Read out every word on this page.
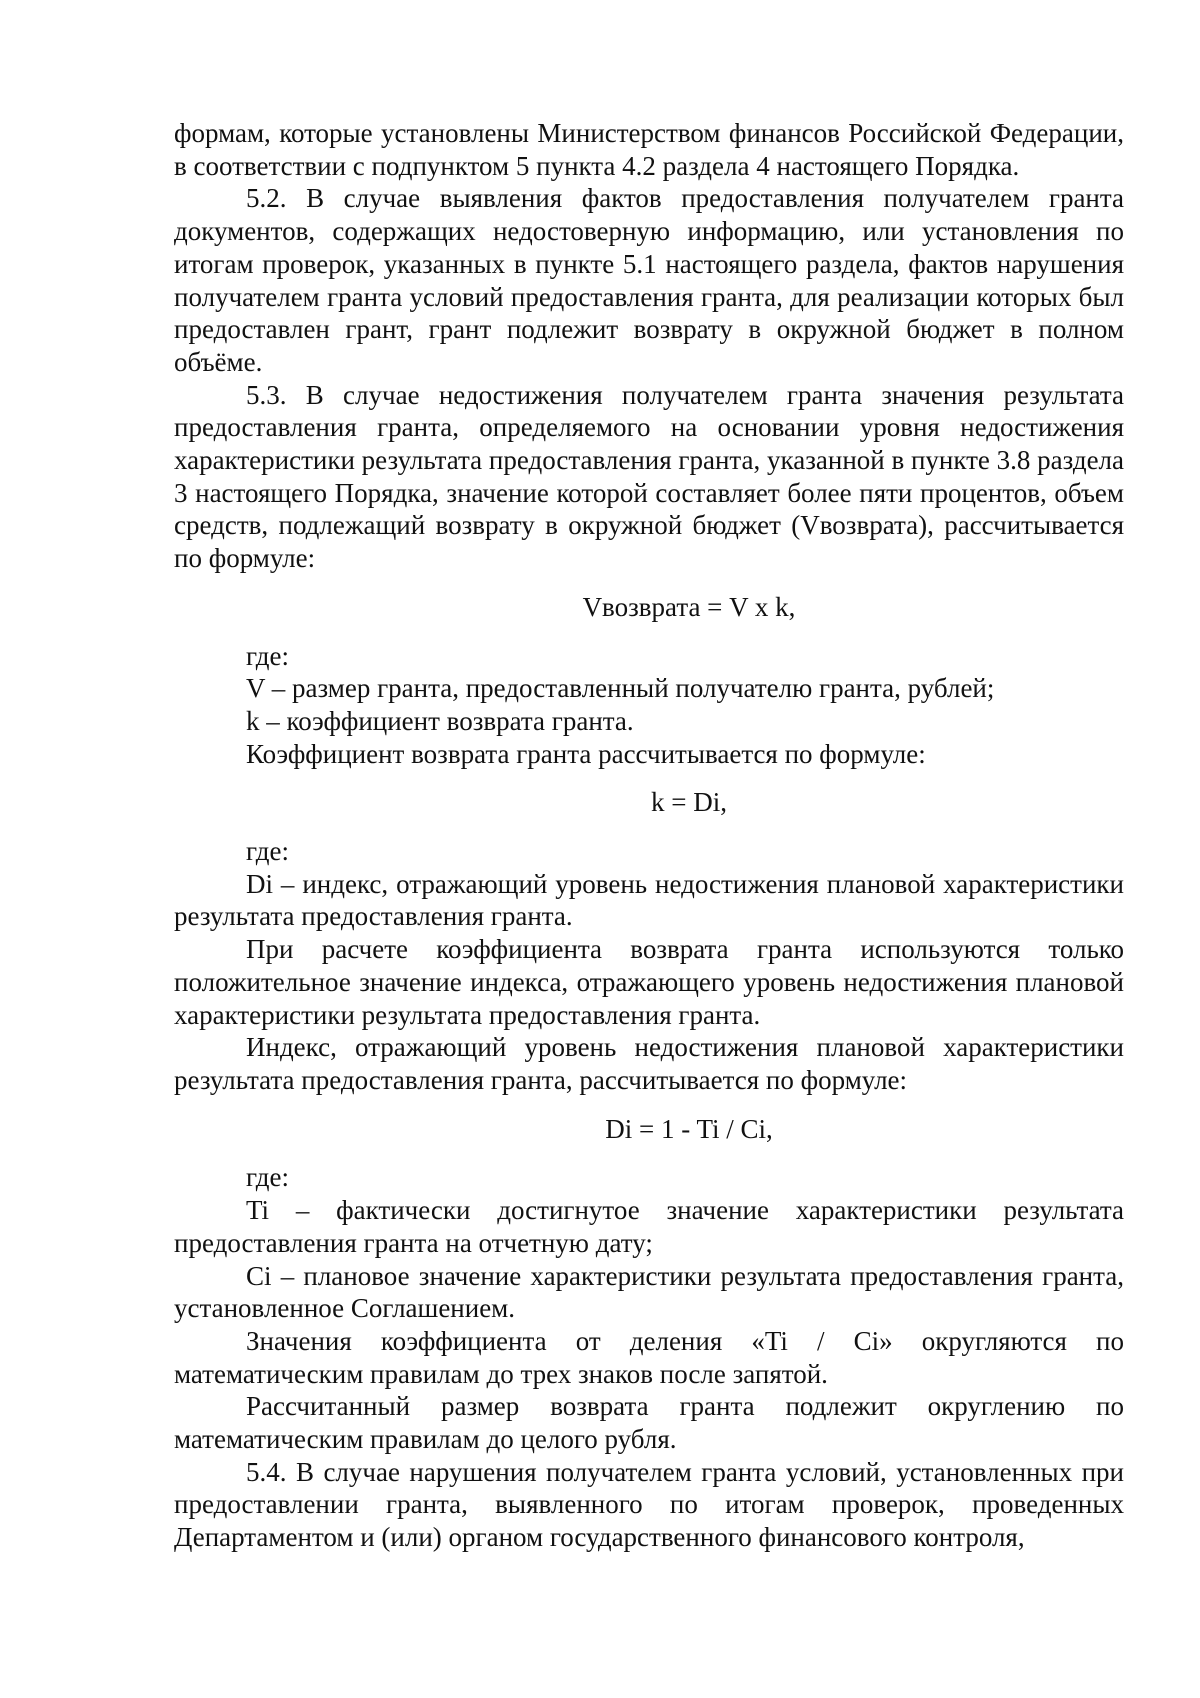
формам, которые установлены Министерством финансов Российской Федерации, в соответствии с подпунктом 5 пункта 4.2 раздела 4 настоящего Порядка.

5.2. В случае выявления фактов предоставления получателем гранта документов, содержащих недостоверную информацию, или установления по итогам проверок, указанных в пункте 5.1 настоящего раздела, фактов нарушения получателем гранта условий предоставления гранта, для реализации которых был предоставлен грант, грант подлежит возврату в окружной бюджет в полном объёме.

5.3. В случае недостижения получателем гранта значения результата предоставления гранта, определяемого на основании уровня недостижения характеристики результата предоставления гранта, указанной в пункте 3.8 раздела 3 настоящего Порядка, значение которой составляет более пяти процентов, объем средств, подлежащий возврату в окружной бюджет (Vвозврата), рассчитывается по формуле:

Vвозврата = V x k,

где:

V – размер гранта, предоставленный получателю гранта, рублей;

k – коэффициент возврата гранта.

Коэффициент возврата гранта рассчитывается по формуле:

k = Di,

где:

Di – индекс, отражающий уровень недостижения плановой характеристики результата предоставления гранта.

При расчете коэффициента возврата гранта используются только положительное значение индекса, отражающего уровень недостижения плановой характеристики результата предоставления гранта.

Индекс, отражающий уровень недостижения плановой характеристики результата предоставления гранта, рассчитывается по формуле:

Di = 1 - Ti / Ci,

где:

Ti – фактически достигнутое значение характеристики результата предоставления гранта на отчетную дату;

Ci – плановое значение характеристики результата предоставления гранта, установленное Соглашением.

Значения коэффициента от деления «Ti / Ci» округляются по математическим правилам до трех знаков после запятой.

Рассчитанный размер возврата гранта подлежит округлению по математическим правилам до целого рубля.

5.4. В случае нарушения получателем гранта условий, установленных при предоставлении гранта, выявленного по итогам проверок, проведенных Департаментом и (или) органом государственного финансового контроля,
